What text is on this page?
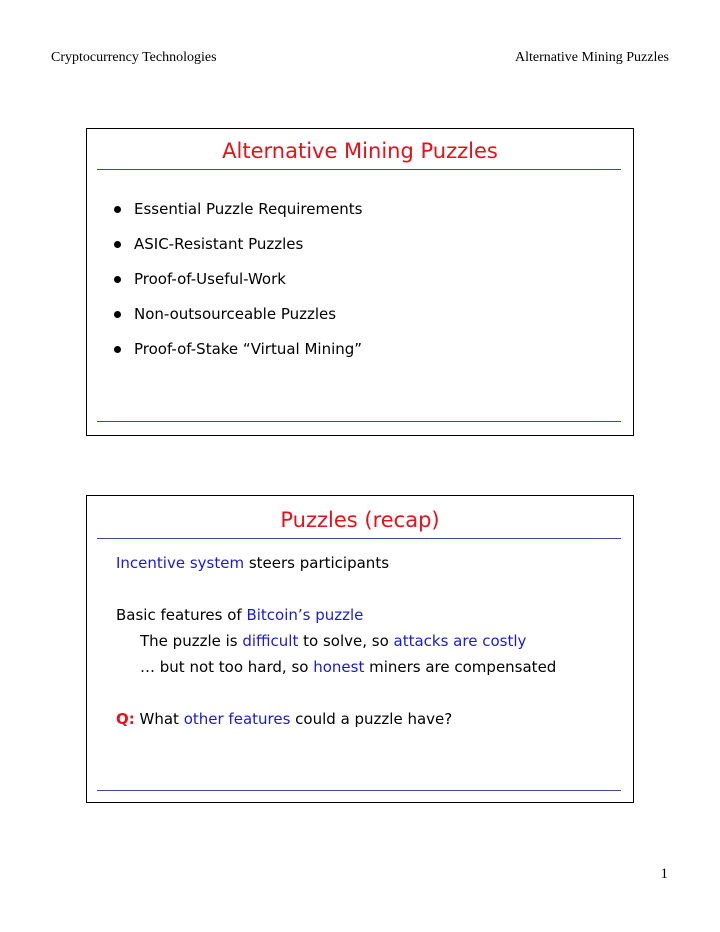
Cryptocurrency Technologies	Alternative Mining Puzzles
Alternative Mining Puzzles
Essential Puzzle Requirements
ASIC-Resistant Puzzles
Proof-of-Useful-Work
Non-outsourceable Puzzles
Proof-of-Stake “Virtual Mining”
Puzzles (recap)
Incentive system steers participants
Basic features of Bitcoin’s puzzle
The puzzle is difficult to solve, so attacks are costly
… but not too hard, so honest miners are compensated
Q: What other features could a puzzle have?
1
